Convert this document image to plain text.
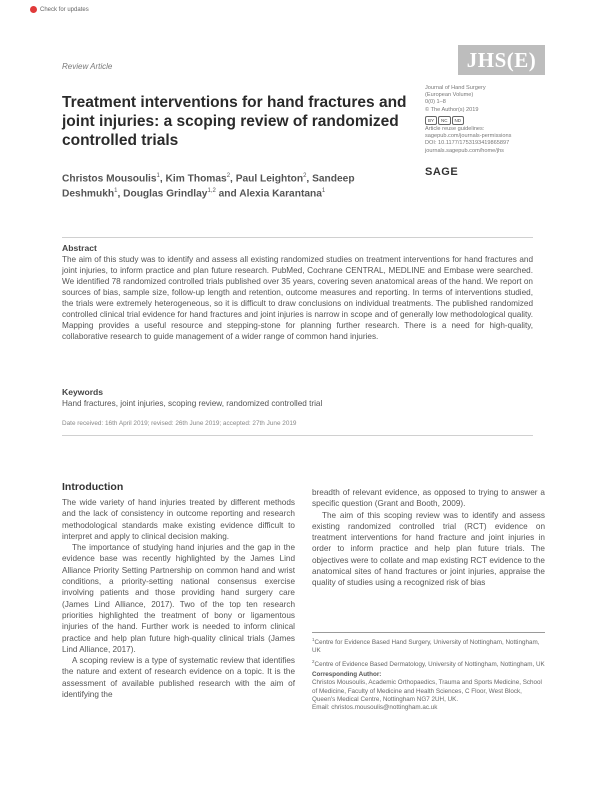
Check for updates
Review Article	JHS(E)
Treatment interventions for hand fractures and joint injuries: a scoping review of randomized controlled trials
Christos Mousoulis$^1$, Kim Thomas$^2$, Paul Leighton$^2$, Sandeep Deshmukh$^1$, Douglas Grindlay$^{1,2}$ and Alexia Karantana$^1$
Journal of Hand Surgery
(European Volume)
0(0) 1–8
© The Author(s) 2019
BY	NC	ND
Article reuse guidelines:
sagepub.com/journals-permissions
DOI: 10.1177/1753193419865897
journals.sagepub.com/home/jhs
SAGE
Abstract
The aim of this study was to identify and assess all existing randomized studies on treatment interventions for hand fractures and joint injuries, to inform practice and plan future research. PubMed, Cochrane CENTRAL, MEDLINE and Embase were searched. We identified 78 randomized controlled trials published over 35 years, covering seven anatomical areas of the hand. We report on sources of bias, sample size, follow-up length and retention, outcome measures and reporting. In terms of interventions studied, the trials were extremely heterogeneous, so it is difficult to draw conclusions on individual treatments. The published randomized controlled clinical trial evidence for hand fractures and joint injuries is narrow in scope and of generally low methodological quality. Mapping provides a useful resource and stepping-stone for planning further research. There is a need for high-quality, collaborative research to guide management of a wider range of common hand injuries.
Keywords
Hand fractures, joint injuries, scoping review, randomized controlled trial
Date received: 16th April 2019; revised: 26th June 2019; accepted: 27th June 2019
Introduction

The wide variety of hand injuries treated by different methods and the lack of consistency in outcome reporting and research methodological standards make existing evidence difficult to interpret and apply to clinical decision making.

The importance of studying hand injuries and the gap in the evidence base was recently highlighted by the James Lind Alliance Priority Setting Partnership on common hand and wrist conditions, a priority-setting national consensus exercise involving patients and those providing hand surgery care (James Lind Alliance, 2017). Two of the top ten research priorities highlighted the treatment of bony or ligamentous injuries of the hand. Further work is needed to inform clinical practice and help plan future high-quality clinical trials (James Lind Alliance, 2017).

A scoping review is a type of systematic review that identifies the nature and extent of research evidence on a topic. It is the assessment of available published research with the aim of identifying the

breadth of relevant evidence, as opposed to trying to answer a specific question (Grant and Booth, 2009).

The aim of this scoping review was to identify and assess existing randomized controlled trial (RCT) evidence on treatment interventions for hand fracture and joint injuries in order to inform practice and help plan future trials. The objectives were to collate and map existing RCT evidence to the anatomical sites of hand fractures or joint injuries, appraise the quality of studies using a recognized risk of bias

$^1$Centre for Evidence Based Hand Surgery, University of Nottingham, Nottingham, UK

$^2$Centre of Evidence Based Dermatology, University of Nottingham, Nottingham, UK

Corresponding Author:
Christos Mousoulis, Academic Orthopaedics, Trauma and Sports Medicine, School of Medicine, Faculty of Medicine and Health Sciences, C Floor, West Block, Queen's Medical Centre, Nottingham NG7 2UH, UK.
Email: christos.mousoulis@nottingham.ac.uk
